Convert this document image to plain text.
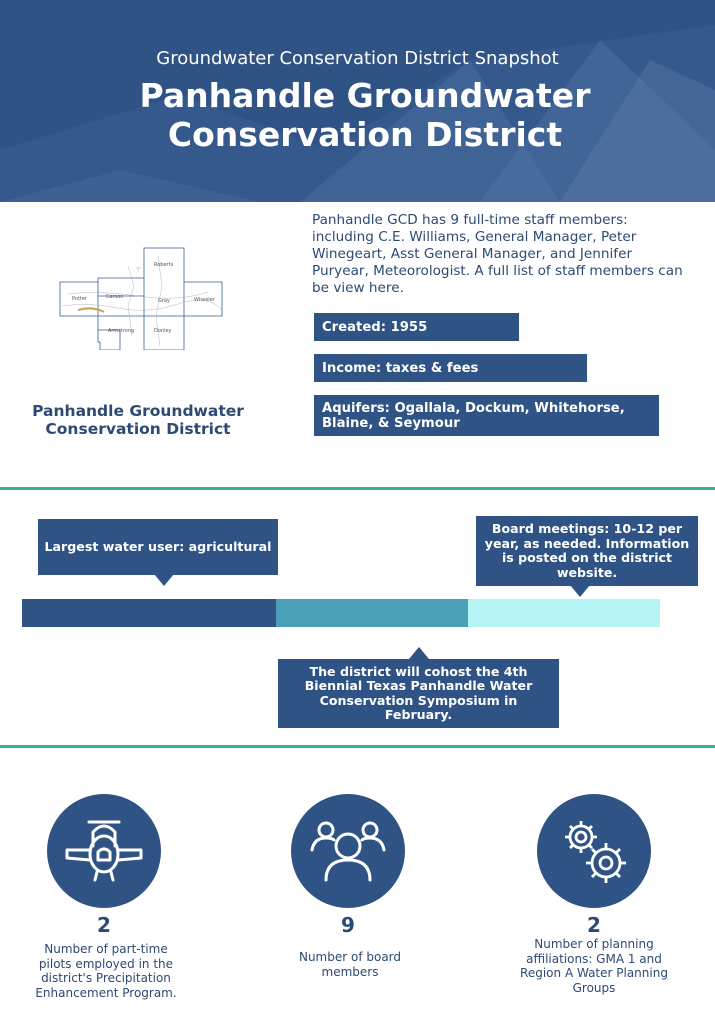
Groundwater Conservation District Snapshot
Panhandle Groundwater Conservation District
Roberts
Potter	Carson
Gray	Wheeler
Armstrong	Donley
Panhandle Groundwater Conservation District
Panhandle GCD has 9 full-time staff members: including C.E. Williams, General Manager, Peter Winegeart, Asst General Manager, and Jennifer Puryear, Meteorologist. A full list of staff members can be view here.
Created: 1955
Income: taxes & fees
Aquifers: Ogallala, Dockum, Whitehorse, Blaine, & Seymour
Largest water user: agricultural
Board meetings: 10-12 per year, as needed. Information is posted on the district website.
The district will cohost the 4th Biennial Texas Panhandle Water Conservation Symposium in February.
2
Number of part-time pilots employed in the district's Precipitation Enhancement Program.
9
Number of board members
2
Number of planning affiliations: GMA 1 and Region A Water Planning Groups
